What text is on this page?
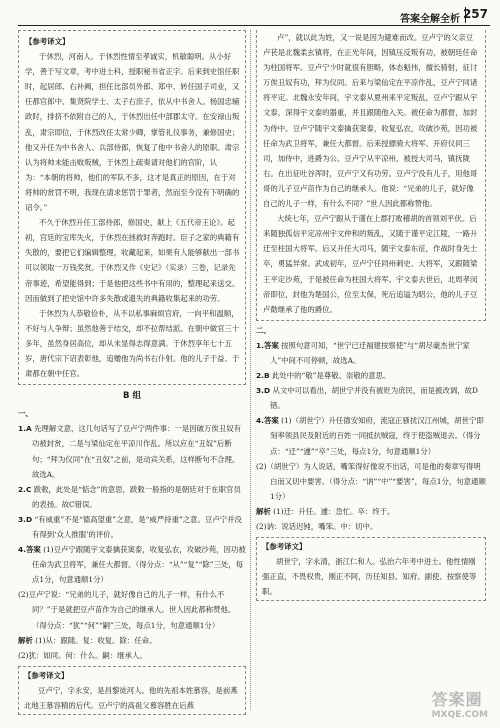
答案全解全析 257
【参考译文】

于休烈，河南人。于休烈性情至孝诚实，机敏聪明。从小好学，善于写文章，考中进士科，授职秘书省正字。后来到史馆任职时，起居郎、右补阙，担任比部员外郎、郑中、转任国子司业，又任都官郎中、集贤院学士、太子右庶子，依从中书舍人。杨国忠辅政时，排挤不依附自己的人，于休烈出任中部郡太守。在安禄山叛乱，肃宗即位，于休烈改任太常少卿，掌管礼仪事务，兼修国史；他又升任为中书舍人、兵部侍郎，恢复了他中书舍人的原职。肃宗认为将帅未能击败叛贼，于休烈上疏奏请对他们的官阶，认为：“本朝的将帅，他们的军队不多，这才是真正的原因，在于对将帅的赏罚不明，我现在请求惩罚于罪者，然而至今没有下明确的诏令。”

不久于休烈升任工部侍郎，修国史，献上《五代帝王论》。起初，宫廷的宝库失火，于休烈在拯救时奔跑时。臣子之家的典籍有失散的，要把它们编辑整理，收藏起来，如果有人能够献出一部书可以领取一万钱奖赏。于休烈又作《史记》（实录）三卷，记录先帝事迹，希望能得到；于是他把这些书中有用的，整理起来送交。因而做到了把史馆中许多失散或遗失的典籍收集起来的功劳。

于休烈为人恭敬俭朴，从不以私事麻烦官府，一向平和温顺，不好与人争辩；虽然他善于结交，却不拉帮结派。在朝中做官三十多年，虽然身居高位，却从未显得志得意满。于休烈享年七十五岁，唐代宗下诏表彰他，追赠他为尚书右仆射。他的儿子于益、于肃都在朝中任官。

B 组
一、
1.A 先理解文意，这几句话写了豆卢宁两件事：一是因破万俟丑奴有功被封赏，二是与梁仙定在平凉川作乱。所以应在“丑奴”后断句；“拜为仪同”在“丑奴”之前，是动宾关系，这样断句不合理。故选A。
2.C 跋敕，此处是“惦念”的意思，跋敕一般指的是朝廷对于在职官员的表扬。故C错误。
3.D “有威重”不是“德高望重”之意，是“威严持重”之意。豆卢宁并没有得到‘众人推服’的评价。
4.答案 (1)豆卢宁跟随宇文泰擒获窦泰，收复弘农，攻破沙苑，因功被任命为武卫将军，兼任大都督。（得分点：“从”“复”“除”三处，每点1分，句意通顺1分）
(2)豆卢宁说：“兄弟的儿子，就好像自己的儿子一样，有什么不同？”于是就把豆卢苗作为自己的继承人。世人因此都称赞他。（得分点：“犹”“何”“嗣”三处，每点1分，句意通顺1分）
解析 (1)从：跟随。复：收复。除：任命。
(2)犹：如同。何：什么。嗣：继承人。
【参考译文】

豆卢宁，字永安，是昌黎徒河人。他的先祖本姓慕容，是前燕北地王慕容精的后代。豆卢宁的高祖父慕容胜在后燕

卢”，就以此为姓，又一说是因为避难而改。豆卢宁的父亲豆卢苌是北魏柔玄镇将，在正光年间，因镇压反叛有功，被朝廷任命为柱国将军。豆卢宁少时就很有胆略，体态魁伟，擅长骑射，征讨万俟丑奴有功，拜为仪同。后来与梁仙定在平凉作乱，豆卢宁同诸将平定。北魏永安年间，宇文泰从夏州来平定叛乱，豆卢宁跟从宇文泰，深得宇文泰的器重，并且跟随他入关。被任命为都督，加封为侍中。豆卢宁随宇文泰擒获窦泰，收复弘农，攻破沙苑，因功被任命为武卫将军，兼任大都督。后来授骠骑大将军、开府仪同三司，加侍中，进爵为公。豆卢宁从平凉州，被授大司马，镇抚陇右。在出征吐谷浑时，豆卢宁又有功劳。豆卢宁没有儿子，用他哥哥的儿子豆卢苗作为自己的继承人。他说：“兄弟的儿子，就好像自己的儿子一样，有什么不同？”世人因此都称赞他。

大统七年，豆卢宁跟从于谨在上郡打败稽胡的首领刘平伏。后来随独孤信平定凉州宇文仲和的叛乱，又随于谨平定江陵，一路升迁至柱国大将军。后又升任大司马，随宇文泰东征，作战时身先士卒，勇猛异常。武成初年，豆卢宁任同州刺史、大将军，又跟随梁王平定沙苑，于是被任命为柱国大将军。宇文泰去世后，北周孝闵帝即位，封他为楚国公，位至太保，死后追谥为昭公，他的儿子豆卢勣继承了他的爵位。

二、
1.答案 按照句意可知，“世宁已迁福建按察使”与“胡尽豪杰世宁家人”中间不可停顿，故选A。
2.B 此处中的“敬”是尊敬、崇敬的意思。
3.D 从文中可以看出，胡世宁并没有被贬为庶民，而是被改调，故D错。
4.答案 (1)（胡世宁）升任德安知府，流寇正骚扰汉江州城，胡世宁即刻率领县民及附近的百姓一同抵抗贼寇，终于使盗贼退去。（得分点：“迁”“遽”“卒”三处，每点1分，句意通顺1分）
(2)（胡世宁）为人说话，嘴笨得好像说不出话，可是他的奏章写得明白而又切中要害。（得分点：“讷”“中”“要害”，每点1分，句意通顺1分）
解析 (1)迁：升任。遽：急忙。卒：终于。
(2)讷：说话迟钝，嘴笨。中：切中。
【参考译文】

胡世宁，字永清，浙江仁和人。弘治六年考中进士。他性情刚强正直，不畏权贵，刚正不阿，历任知县、知府、副使、按察使等职。

答案圈
MXQE.COM
